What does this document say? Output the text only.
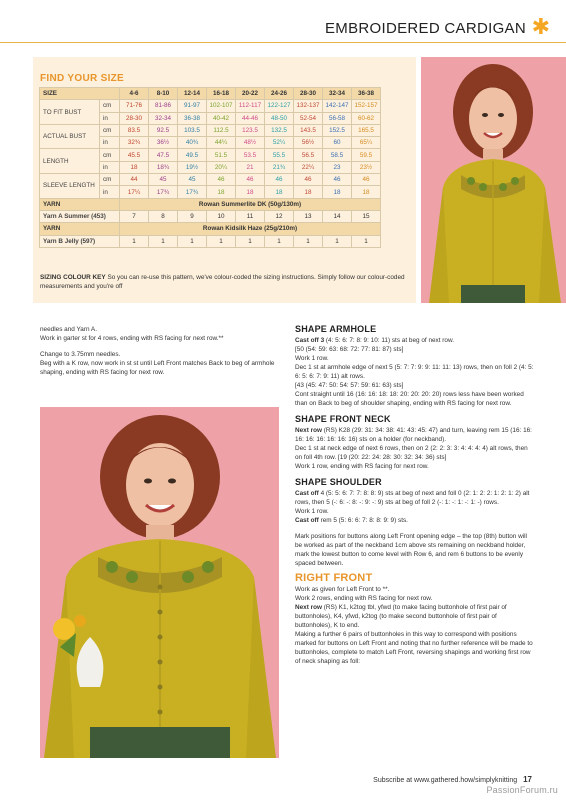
EMBROIDERED CARDIGAN ✱
FIND YOUR SIZE
SIZE		4-6	8-10	12-14	16-18	20-22	24-26	28-30	32-34	36-38
TO FIT BUST	cm	71-76	81-86	91-97	102-107	112-117	122-127	132-137	142-147	152-157
	in	28-30	32-34	36-38	40-42	44-46	48-50	52-54	56-58	60-62
ACTUAL BUST	cm	83.5	92.5	103.5	112.5	123.5	132.5	143.5	152.5	165.5
	in	32¾	36½	40¾	44¼	48½	52¼	56½	60	65¼
LENGTH	cm	45.5	47.5	49.5	51.5	53.5	55.5	56.5	58.5	59.5
	in	18	18¾	19½	20¼	21	21¾	22¼	23	23½
SLEEVE LENGTH	cm	44	45	45	46	46	46	46	46	46
	in	17¼	17¾	17¾	18	18	18	18	18	18
YARN		Rowan Summerlite DK (50g/130m)								
Yarn A Summer (453)		7	8	9	10	11	12	13	14	15
YARN		Rowan Kidsilk Haze (25g/210m)								
Yarn B Jelly (597)		1	1	1	1	1	1	1	1	1
SIZING COLOUR KEY So you can re-use this pattern, we've colour-coded the sizing instructions. Simply follow our colour-coded measurements and you're off

needles and Yarn A.
Work in garter st for 4 rows, ending with RS facing for next row.**

Change to 3.75mm needles.
Beg with a K row, now work in st st until Left Front matches Back to beg of armhole shaping, ending with RS facing for next row.

SHAPE ARMHOLE

Cast off 3 (4: 5: 6: 7: 8: 9: 10: 11) sts at beg of next row.

[50 (54: 59: 63: 68: 72: 77: 81: 87) sts]

Work 1 row.

Dec 1 st at armhole edge of next 5 (5: 7: 7: 9: 9: 11: 11: 13) rows, then on foll 2 (4: 5: 6: 5: 6: 7: 9: 11) alt rows.

[43 (45: 47: 50: 54: 57: 59: 61: 63) sts]

Cont straight until 16 (16: 16: 18: 18: 20: 20: 20: 20) rows less have been worked than on Back to beg of shoulder shaping, ending with RS facing for next row.

SHAPE FRONT NECK

Next row (RS) K28 (29: 31: 34: 38: 41: 43: 45: 47) and turn, leaving rem 15 (16: 16: 16: 16: 16: 16: 16: 16) sts on a holder (for neckband).

Dec 1 st at neck edge of next 6 rows, then on 2 (2: 2: 3: 3: 4: 4: 4: 4) alt rows, then on foll 4th row. [19 (20: 22: 24: 28: 30: 32: 34: 36) sts]

Work 1 row, ending with RS facing for next row.

SHAPE SHOULDER

Cast off 4 (5: 5: 6: 7: 7: 8: 8: 9) sts at beg of next and foll 0 (2: 1: 2: 2: 1: 2: 1: 2) alt rows, then 5 (-: 6: -: 8: -: 9: -: 9) sts at beg of foll 2 (-: 1: -: 1: -: 1: -) rows.

Work 1 row.

Cast off rem 5 (5: 6: 6: 7: 8: 8: 9: 9) sts.

Mark positions for buttons along Left Front opening edge – the top (8th) button will be worked as part of the neckband 1cm above sts remaining on neckband holder, mark the lowest button to come level with Row 6, and rem 6 buttons to be evenly spaced between.

RIGHT FRONT

Work as given for Left Front to **.

Work 2 rows, ending with RS facing for next row.

Next row (RS) K1, k2tog tbl, yfwd (to make facing buttonhole of first pair of buttonholes), K4, yfwd, k2tog (to make second buttonhole of first pair of buttonholes), K to end.

Making a further 6 pairs of buttonholes in this way to correspond with positions marked for buttons on Left Front and noting that no further reference will be made to buttonholes, complete to match Left Front, reversing shapings and working first row of neck shaping as foll:

Subscribe at www.gathered.how/simplyknitting 17
PassionForum.ru
